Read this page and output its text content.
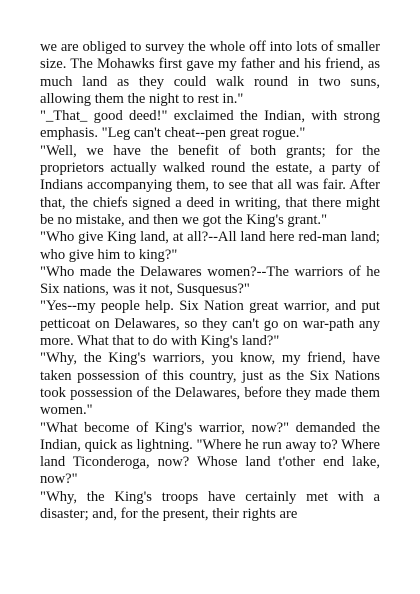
we are obliged to survey the whole off into lots of smaller size. The Mohawks first gave my father and his friend, as much land as they could walk round in two suns, allowing them the night to rest in."

"_That_ good deed!" exclaimed the Indian, with strong emphasis. "Leg can't cheat--pen great rogue."

"Well, we have the benefit of both grants; for the proprietors actually walked round the estate, a party of Indians accompanying them, to see that all was fair. After that, the chiefs signed a deed in writing, that there might be no mistake, and then we got the King's grant."

"Who give King land, at all?--All land here red-man land; who give him to king?"

"Who made the Delawares women?--The warriors of he Six nations, was it not, Susquesus?"

"Yes--my people help. Six Nation great warrior, and put petticoat on Delawares, so they can't go on war-path any more. What that to do with King's land?"

"Why, the King's warriors, you know, my friend, have taken possession of this country, just as the Six Nations took possession of the Delawares, before they made them women."

"What become of King's warrior, now?" demanded the Indian, quick as lightning. "Where he run away to? Where land Ticonderoga, now? Whose land t'other end lake, now?"

"Why, the King's troops have certainly met with a disaster; and, for the present, their rights are
